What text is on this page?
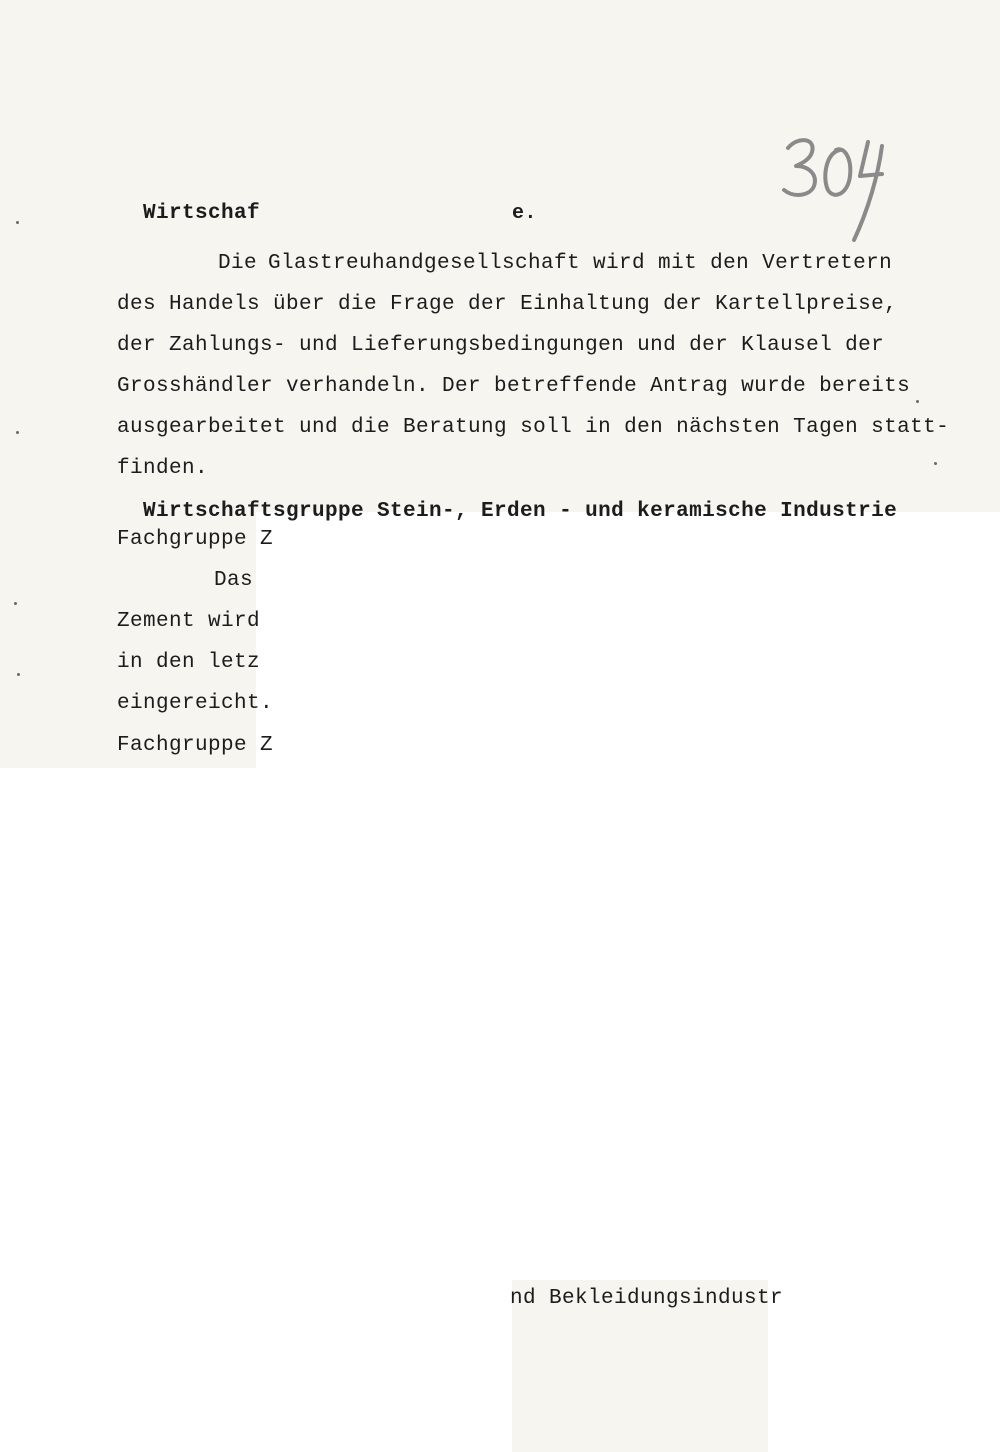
Wirtschaf	e.
Die Glastreuhandgesellschaft wird mit den Vertretern
des Handels über die Frage der Einhaltung der Kartellpreise,
der Zahlungs- und Lieferungsbedingungen und der Klausel der
Grosshändler verhandeln. Der betreffende Antrag wurde bereits
ausgearbeitet und die Beratung soll in den nächsten Tagen statt-
finden.
Wirtschaftsgruppe Stein-, Erden - und keramische Industrie
Fachgruppe Z
Das
Zement wird
in den letz
eingereicht.
Fachgruppe Z
nd Bekleidungsindustr
